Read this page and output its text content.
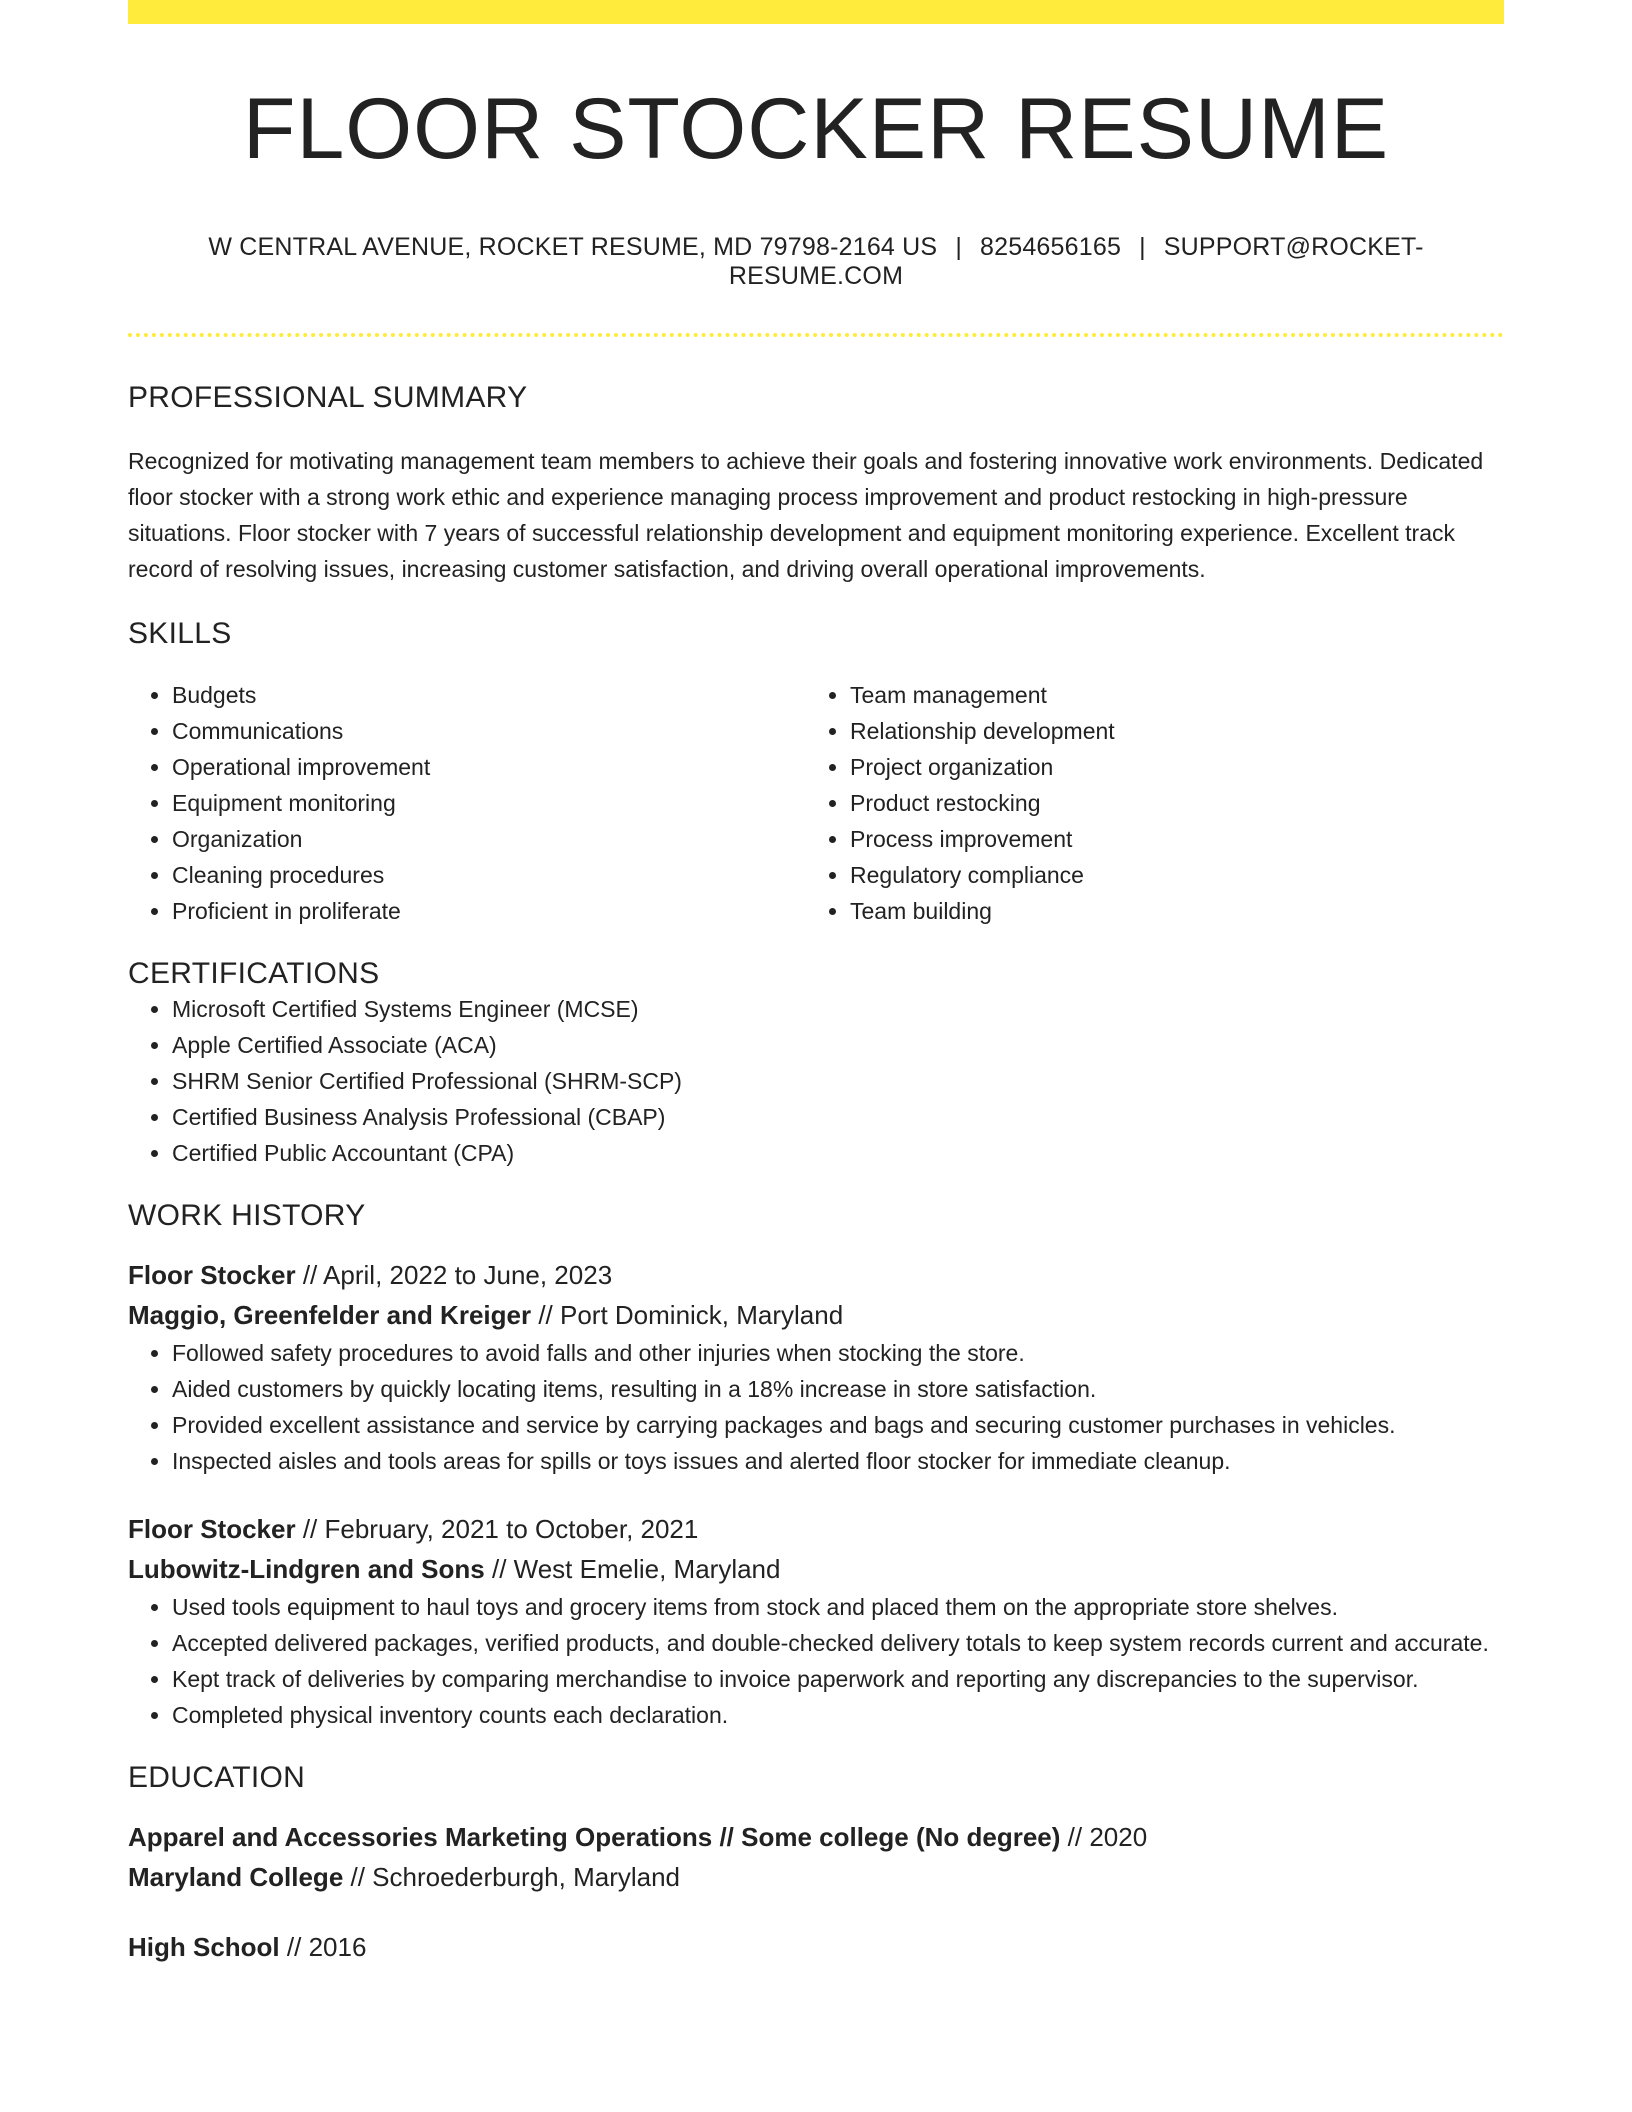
FLOOR STOCKER RESUME
W CENTRAL AVENUE, ROCKET RESUME, MD 79798-2164 US | 8254656165 | SUPPORT@ROCKET-RESUME.COM
PROFESSIONAL SUMMARY

Recognized for motivating management team members to achieve their goals and fostering innovative work environments. Dedicated floor stocker with a strong work ethic and experience managing process improvement and product restocking in high-pressure situations. Floor stocker with 7 years of successful relationship development and equipment monitoring experience. Excellent track record of resolving issues, increasing customer satisfaction, and driving overall operational improvements.

SKILLS
• Budgets
• Communications
• Operational improvement
• Equipment monitoring
• Organization
• Cleaning procedures
• Proficient in proliferate
• Team management
• Relationship development
• Project organization
• Product restocking
• Process improvement
• Regulatory compliance
• Team building
CERTIFICATIONS
• Microsoft Certified Systems Engineer (MCSE)
• Apple Certified Associate (ACA)
• SHRM Senior Certified Professional (SHRM-SCP)
• Certified Business Analysis Professional (CBAP)
• Certified Public Accountant (CPA)
WORK HISTORY
Floor Stocker // April, 2022 to June, 2023
Maggio, Greenfelder and Kreiger // Port Dominick, Maryland
• Followed safety procedures to avoid falls and other injuries when stocking the store.
• Aided customers by quickly locating items, resulting in a 18% increase in store satisfaction.
• Provided excellent assistance and service by carrying packages and bags and securing customer purchases in vehicles.
• Inspected aisles and tools areas for spills or toys issues and alerted floor stocker for immediate cleanup.
Floor Stocker // February, 2021 to October, 2021
Lubowitz-Lindgren and Sons // West Emelie, Maryland
• Used tools equipment to haul toys and grocery items from stock and placed them on the appropriate store shelves.
• Accepted delivered packages, verified products, and double-checked delivery totals to keep system records current and accurate.
• Kept track of deliveries by comparing merchandise to invoice paperwork and reporting any discrepancies to the supervisor.
• Completed physical inventory counts each declaration.
EDUCATION
Apparel and Accessories Marketing Operations // Some college (No degree) // 2020
Maryland College // Schroederburgh, Maryland
High School // 2016
